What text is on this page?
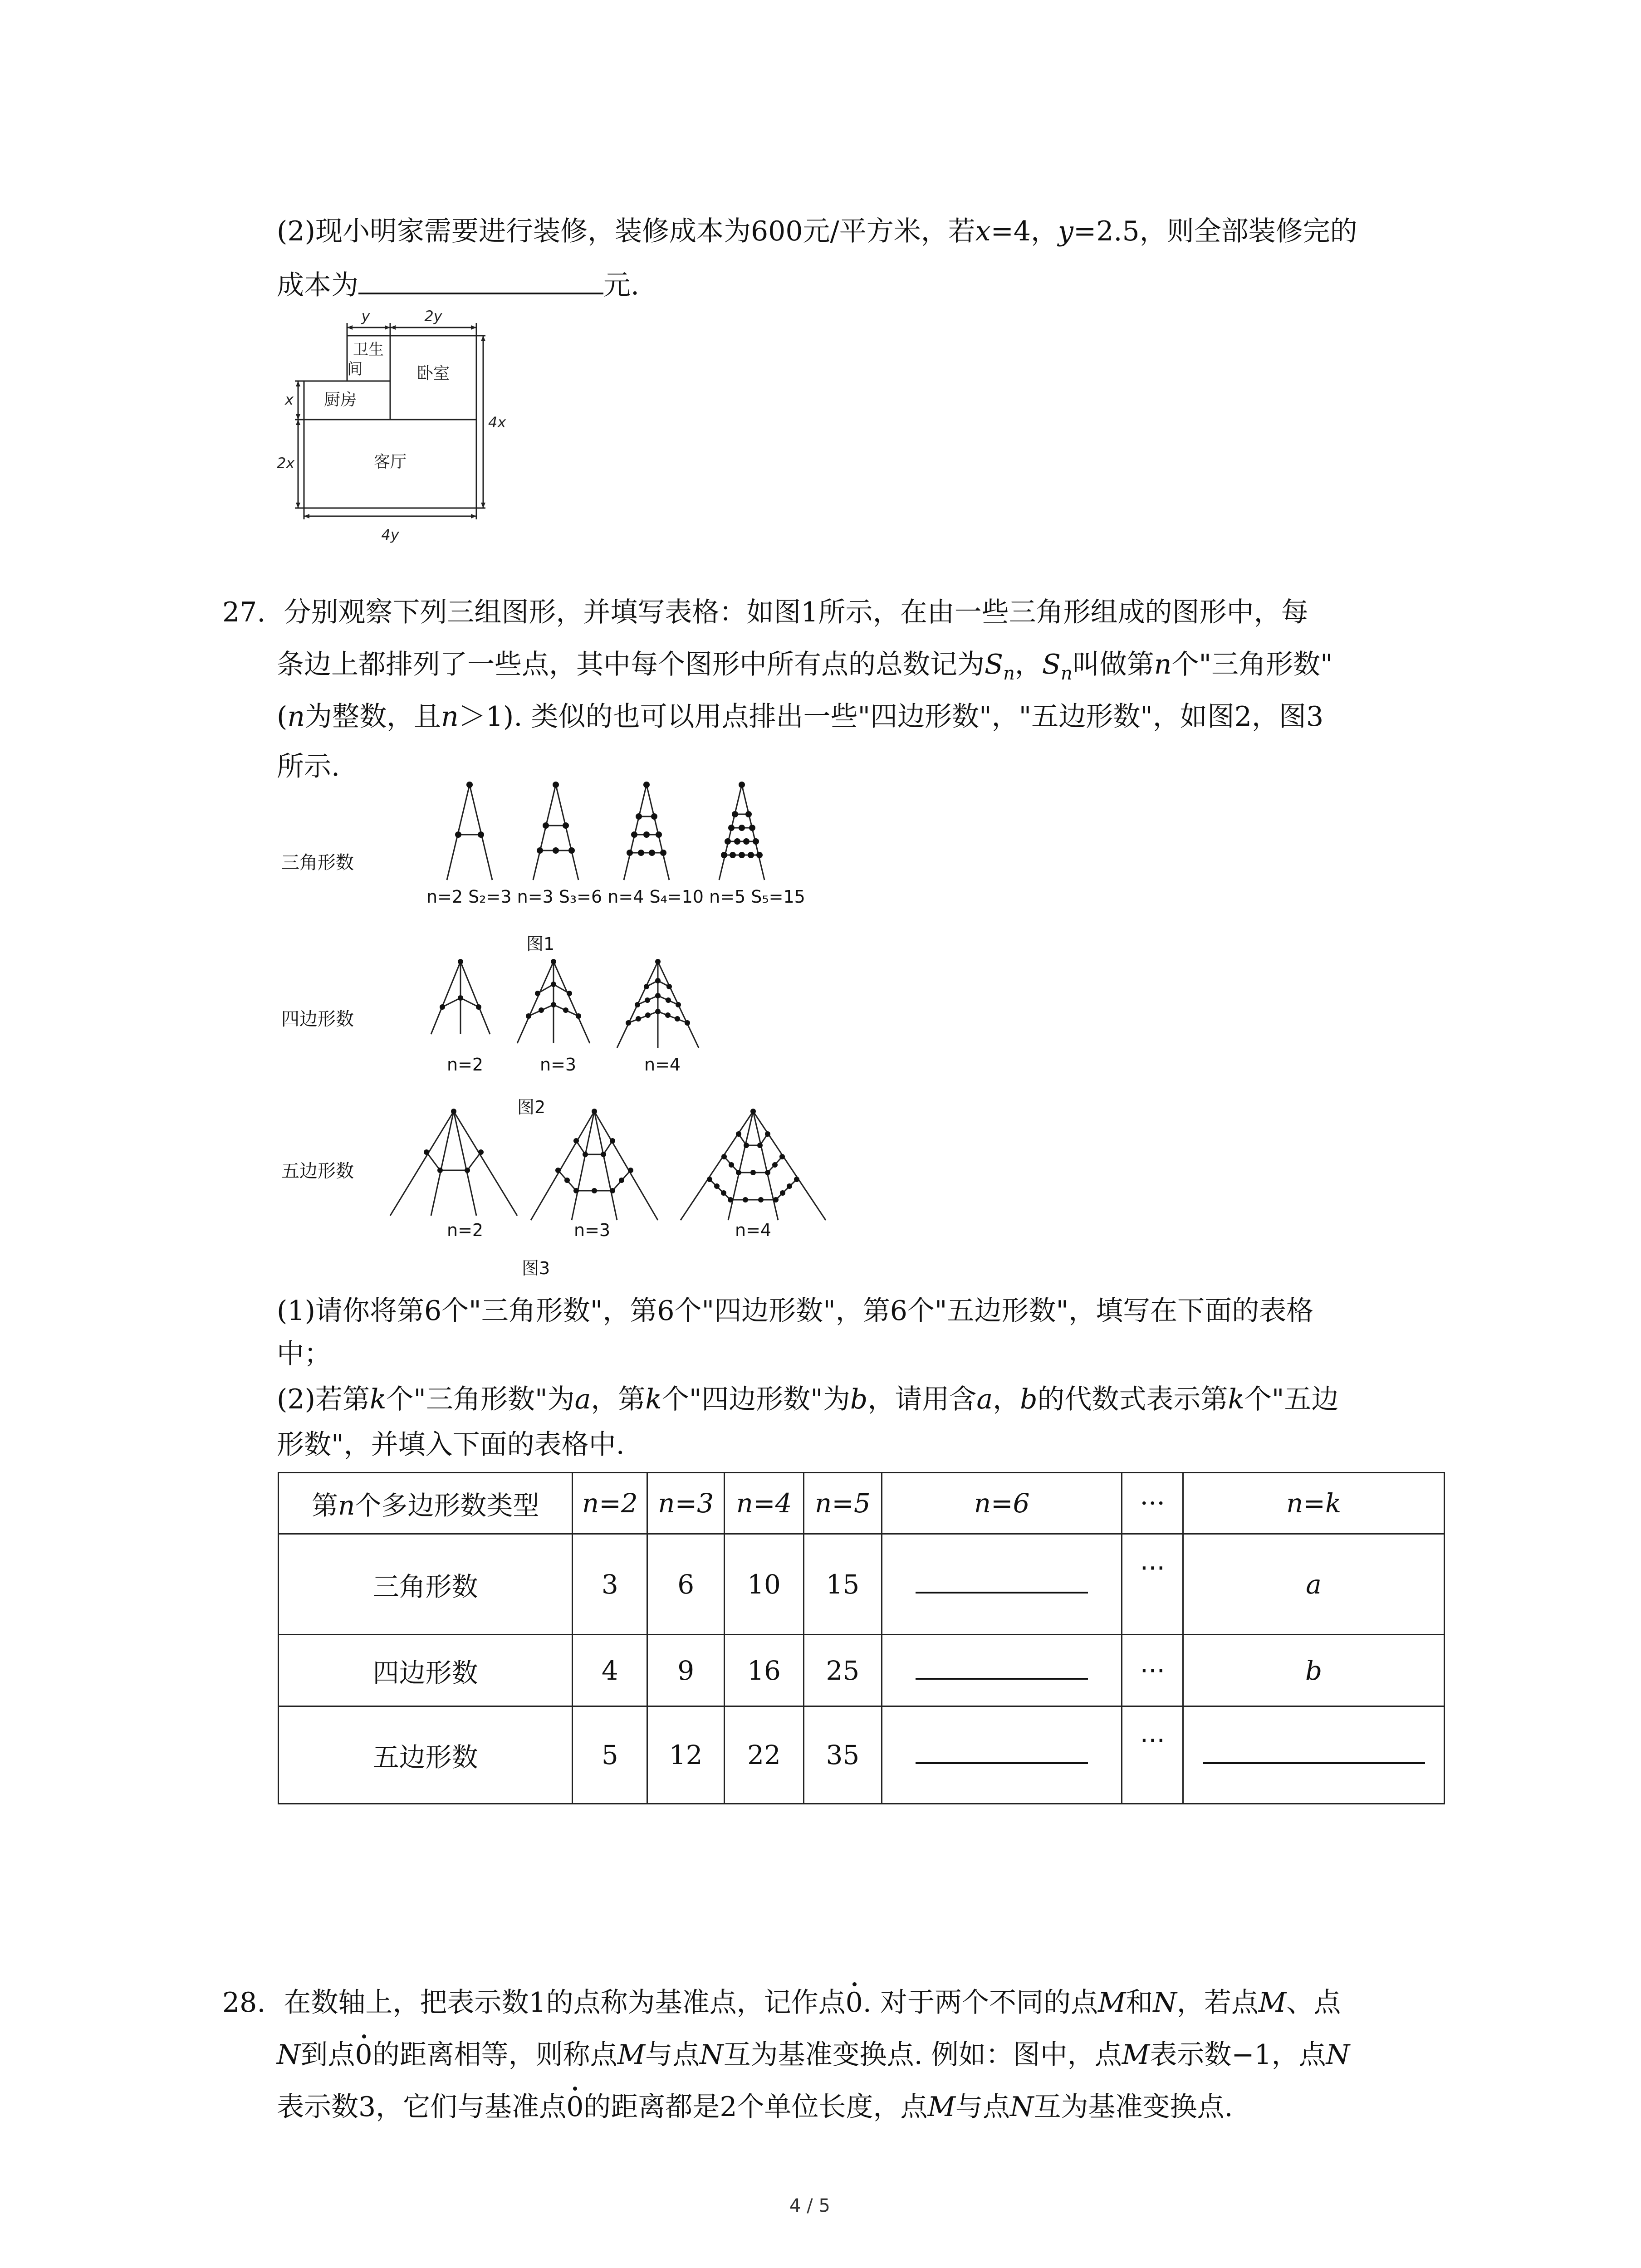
(2)现小明家需要进行装修，装修成本为600元/平方米，若x=4，y=2.5，则全部装修完的
成本为	元.
y	2y
x
2x
4x
4y
卫生
间	卧室
厨房
客厅
27. 分别观察下列三组图形，并填写表格：如图1所示，在由一些三角形组成的图形中，每
条边上都排列了一些点，其中每个图形中所有点的总数记为$S_n$，$S_n$叫做第n个"三角形数"
(n为整数，且n＞1). 类似的也可以用点排出一些"四边形数"，"五边形数"，如图2，图3
所示.
三角形数
n=2 S₂=3 n=3 S₃=6 n=4 S₄=10 n=5 S₅=15
图1
四边形数
n=2	n=3	n=4
图2
五边形数
n=2	n=3	n=4
图3
(1)请你将第6个"三角形数"，第6个"四边形数"，第6个"五边形数"，填写在下面的表格
中；
(2)若第k个"三角形数"为a，第k个"四边形数"为b，请用含a，b的代数式表示第k个"五边
形数"，并填入下面的表格中.
第n个多边形数类型	n=2	n=3	n=4	n=5	n=6	···	n=k
三角形数	3	6	10	15		···	a
四边形数	4	9	16	25		···	b
五边形数	5	12	22	35		···	
28. 在数轴上，把表示数1的点称为基准点，记作点0. 对于两个不同的点M和N，若点M、点
N到点0的距离相等，则称点M与点N互为基准变换点. 例如：图中，点M表示数−1，点N
表示数3，它们与基准点0的距离都是2个单位长度，点M与点N互为基准变换点.
4 / 5
